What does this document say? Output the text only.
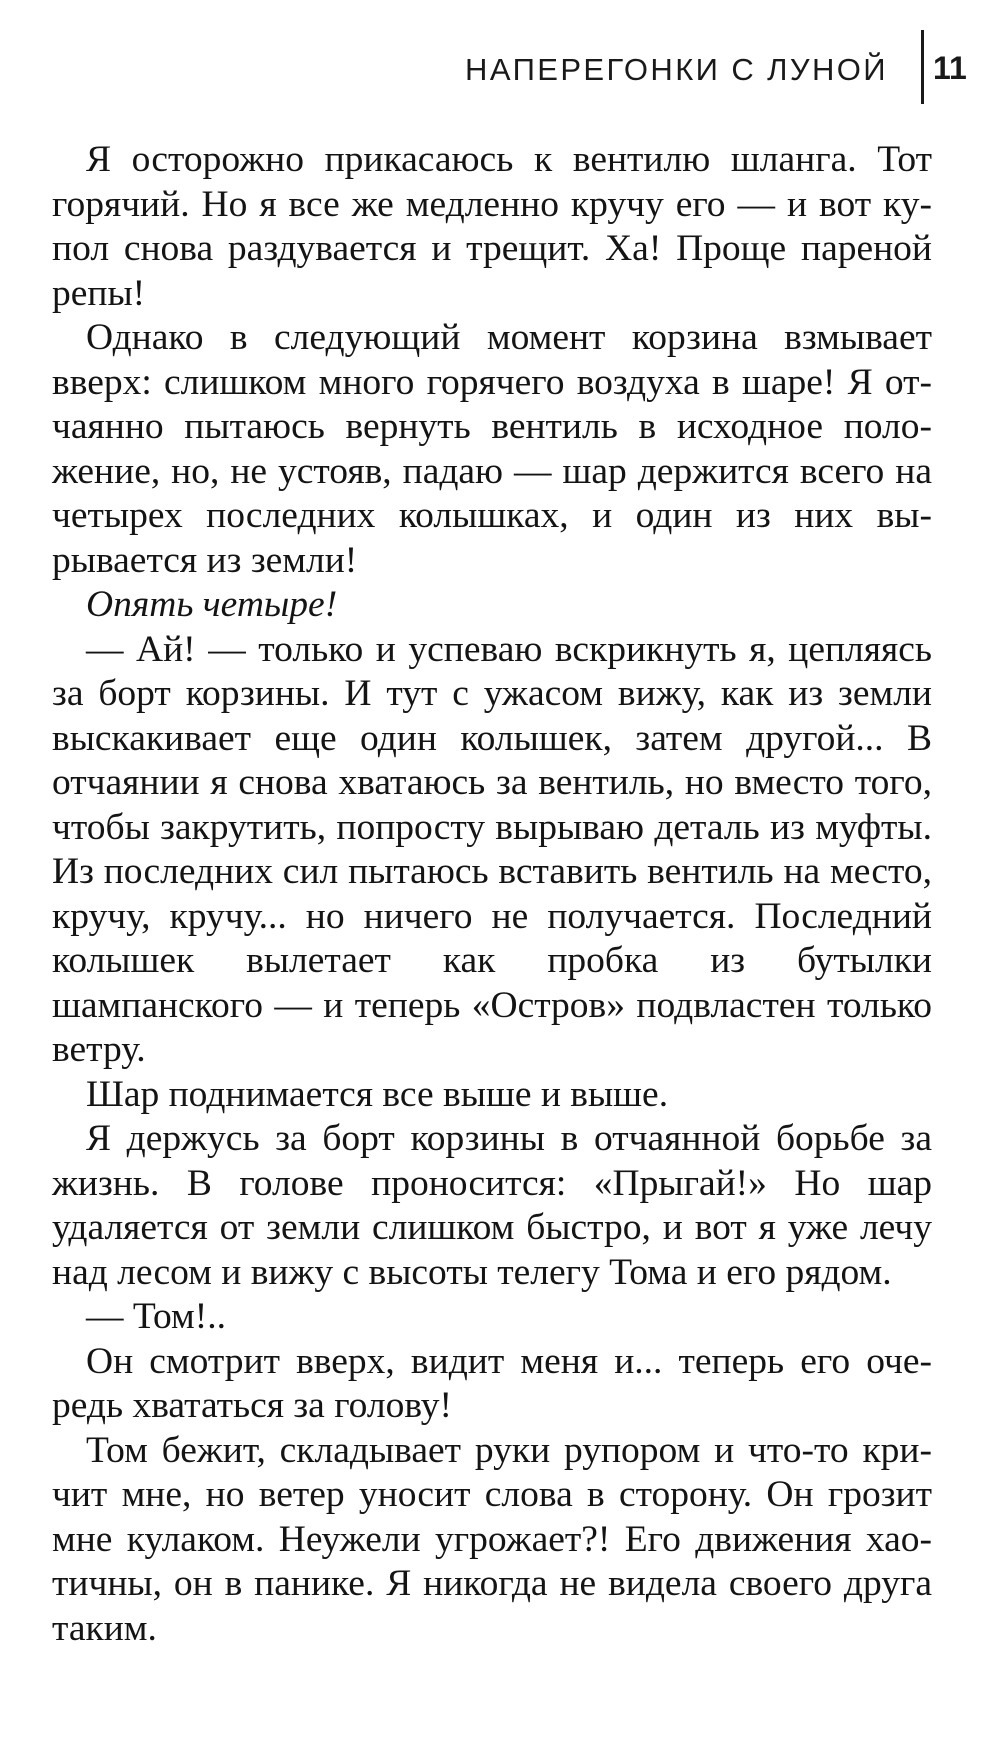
НАПЕРЕГОНКИ С ЛУНОЙ 11

Я осторожно прикасаюсь к вентилю шланга. Тот горячий. Но я все же медленно кручу его — и вот купол снова раздувается и трещит. Ха! Проще пареной репы!

Однако в следующий момент корзина взмывает вверх: слишком много горячего воздуха в шаре! Я отчаянно пытаюсь вернуть вентиль в исходное положение, но, не устояв, падаю — шар держится всего на четырех последних колышках, и один из них вырывается из земли!

Опять четыре!

— Ай! — только и успеваю вскрикнуть я, цепляясь за борт корзины. И тут с ужасом вижу, как из земли выскакивает еще один колышек, затем другой... В отчаянии я снова хватаюсь за вентиль, но вместо того, чтобы закрутить, попросту вырываю деталь из муфты. Из последних сил пытаюсь вставить вентиль на место, кручу, кручу... но ничего не получается. Последний колышек вылетает как пробка из бутылки шампанского — и теперь «Остров» подвластен только ветру.

Шар поднимается все выше и выше.

Я держусь за борт корзины в отчаянной борьбе за жизнь. В голове проносится: «Прыгай!» Но шар удаляется от земли слишком быстро, и вот я уже лечу над лесом и вижу с высоты телегу Тома и его рядом.

— Том!..

Он смотрит вверх, видит меня и... теперь его очередь хвататься за голову!

Том бежит, складывает руки рупором и что-то кричит мне, но ветер уносит слова в сторону. Он грозит мне кулаком. Неужели угрожает?! Его движения хаотичны, он в панике. Я никогда не видела своего друга таким.
